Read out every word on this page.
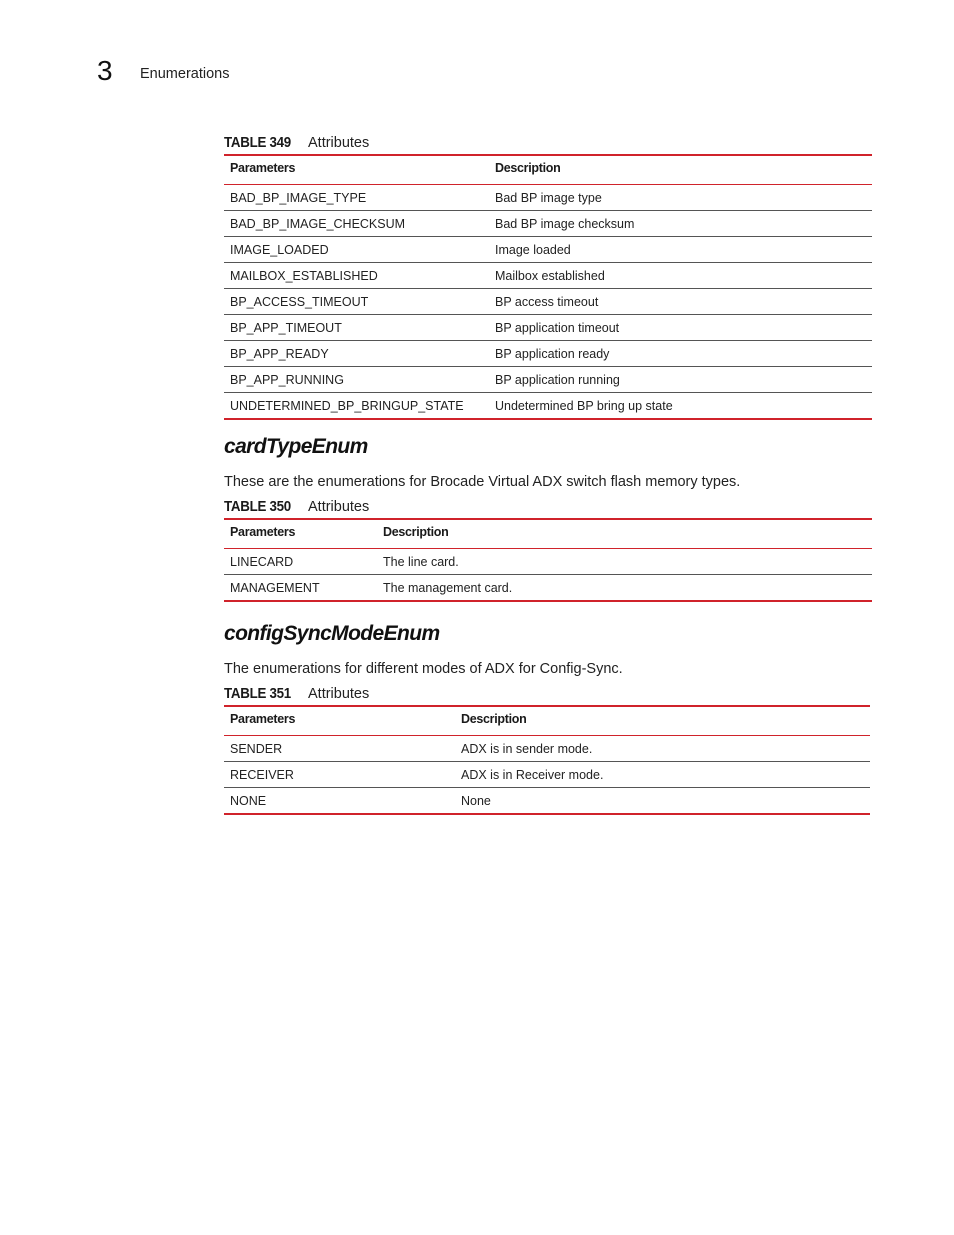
3 Enumerations
TABLE 349	Attributes
Parameters	Description
BAD_BP_IMAGE_TYPE	Bad BP image type
BAD_BP_IMAGE_CHECKSUM	Bad BP image checksum
IMAGE_LOADED	Image loaded
MAILBOX_ESTABLISHED	Mailbox established
BP_ACCESS_TIMEOUT	BP access timeout
BP_APP_TIMEOUT	BP application timeout
BP_APP_READY	BP application ready
BP_APP_RUNNING	BP application running
UNDETERMINED_BP_BRINGUP_STATE	Undetermined BP bring up state
cardTypeEnum

These are the enumerations for Brocade Virtual ADX switch flash memory types.

TABLE 350	Attributes
Parameters	Description
LINECARD	The line card.
MANAGEMENT	The management card.
configSyncModeEnum

The enumerations for different modes of ADX for Config-Sync.

TABLE 351	Attributes
Parameters	Description
SENDER	ADX is in sender mode.
RECEIVER	ADX is in Receiver mode.
NONE	None
